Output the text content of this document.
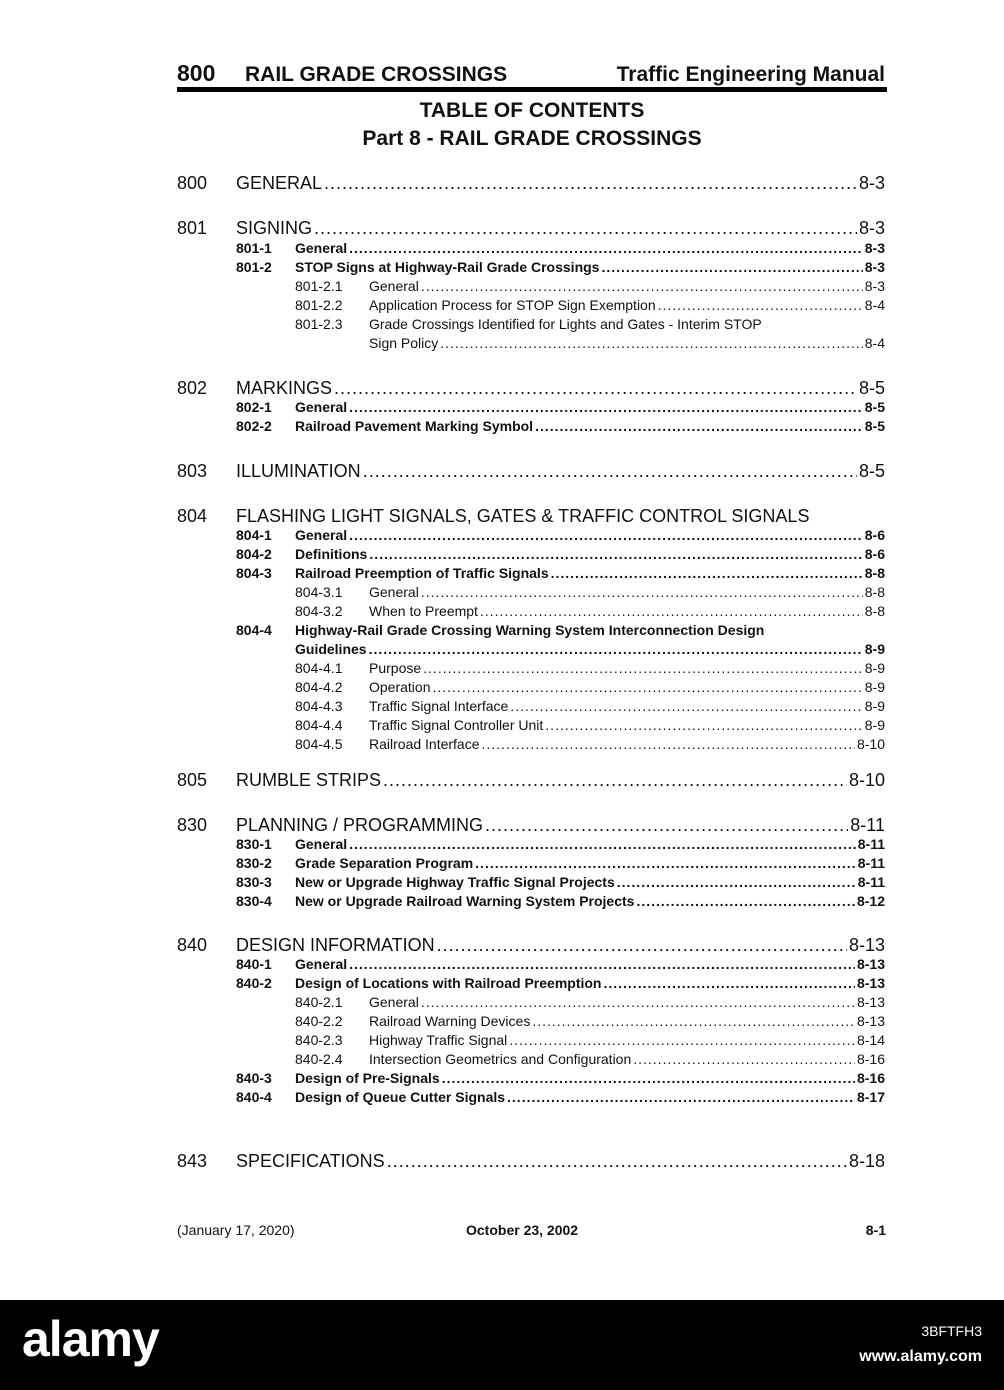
800 RAIL GRADE CROSSINGS	Traffic Engineering Manual
TABLE OF CONTENTS
Part 8 - RAIL GRADE CROSSINGS
800 GENERAL .....	8-3
801 SIGNING .....	8-3
801-1 General .....	8-3
801-2 STOP Signs at Highway-Rail Grade Crossings .....	8-3
801-2.1 General .....	8-3
801-2.2 Application Process for STOP Sign Exemption .....	8-4
801-2.3 Grade Crossings Identified for Lights and Gates - Interim STOP
Sign Policy .....	8-4
802 MARKINGS .....	8-5
802-1 General .....	8-5
802-2 Railroad Pavement Marking Symbol .....	8-5
803 ILLUMINATION .....	8-5
804 FLASHING LIGHT SIGNALS, GATES & TRAFFIC CONTROL SIGNALS
804-1 General .....	8-6
804-2 Definitions .....	8-6
804-3 Railroad Preemption of Traffic Signals .....	8-8
804-3.1 General .....	8-8
804-3.2 When to Preempt .....	8-8
804-4 Highway-Rail Grade Crossing Warning System Interconnection Design
Guidelines .....	8-9
804-4.1 Purpose .....	8-9
804-4.2 Operation .....	8-9
804-4.3 Traffic Signal Interface .....	8-9
804-4.4 Traffic Signal Controller Unit .....	8-9
804-4.5 Railroad Interface .....	8-10
805 RUMBLE STRIPS .....	8-10
830 PLANNING / PROGRAMMING .....	8-11
830-1 General .....	8-11
830-2 Grade Separation Program .....	8-11
830-3 New or Upgrade Highway Traffic Signal Projects .....	8-11
830-4 New or Upgrade Railroad Warning System Projects .....	8-12
840 DESIGN INFORMATION .....	8-13
840-1 General .....	8-13
840-2 Design of Locations with Railroad Preemption .....	8-13
840-2.1 General .....	8-13
840-2.2 Railroad Warning Devices .....	8-13
840-2.3 Highway Traffic Signal .....	8-14
840-2.4 Intersection Geometrics and Configuration .....	8-16
840-3 Design of Pre-Signals .....	8-16
840-4 Design of Queue Cutter Signals .....	8-17
843 SPECIFICATIONS .....	8-18
(January 17, 2020)	October 23, 2002	8-1
alamy	3BFTFH3
www.alamy.com
